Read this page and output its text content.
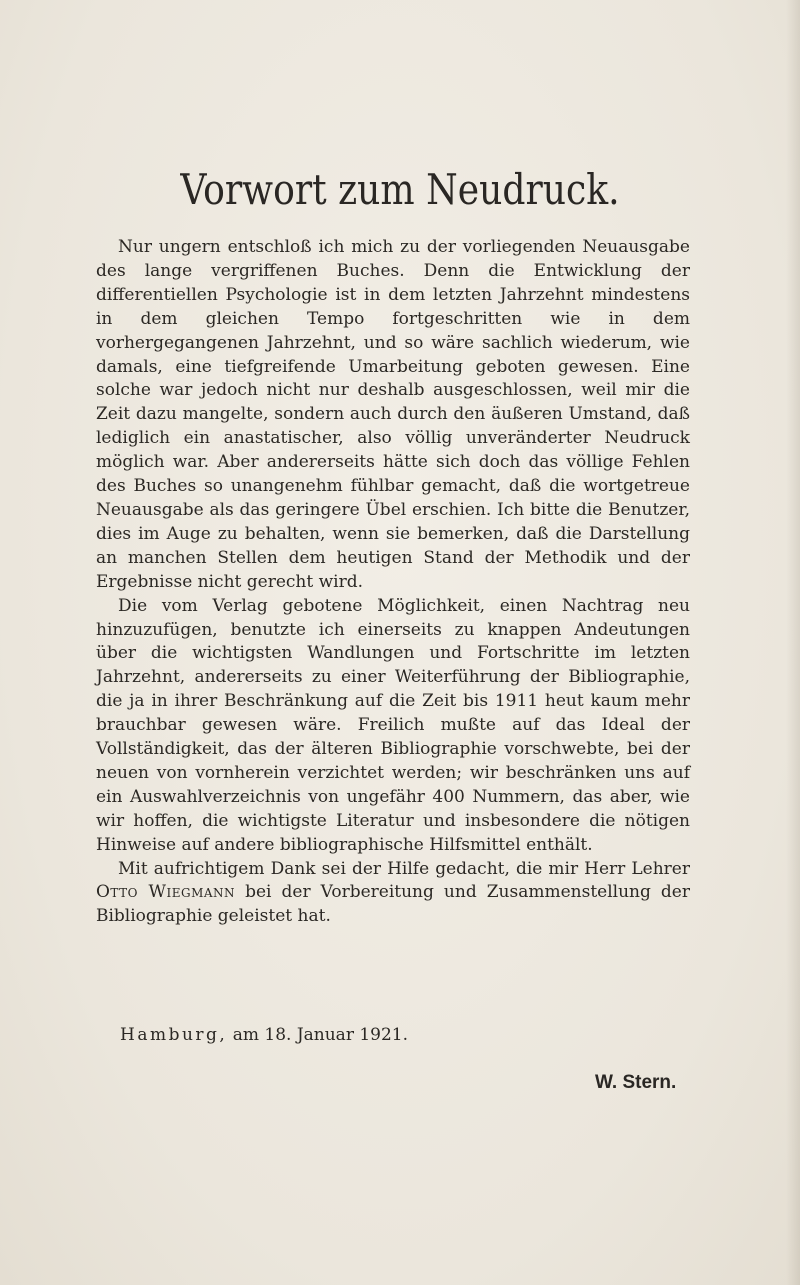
Vorwort zum Neudruck.

Nur ungern entschloß ich mich zu der vorliegenden Neuausgabe des lange vergriffenen Buches. Denn die Entwicklung der differentiellen Psychologie ist in dem letzten Jahrzehnt mindestens in dem gleichen Tempo fortgeschritten wie in dem vorhergegangenen Jahrzehnt, und so wäre sachlich wiederum, wie damals, eine tiefgreifende Umarbeitung geboten gewesen. Eine solche war jedoch nicht nur deshalb ausgeschlossen, weil mir die Zeit dazu mangelte, sondern auch durch den äußeren Umstand, daß lediglich ein anastatischer, also völlig unveränderter Neudruck möglich war. Aber andererseits hätte sich doch das völlige Fehlen des Buches so unangenehm fühlbar gemacht, daß die wortgetreue Neuausgabe als das geringere Übel erschien. Ich bitte die Benutzer, dies im Auge zu behalten, wenn sie bemerken, daß die Darstellung an manchen Stellen dem heutigen Stand der Methodik und der Ergebnisse nicht gerecht wird.

Die vom Verlag gebotene Möglichkeit, einen Nachtrag neu hinzuzufügen, benutzte ich einerseits zu knappen Andeutungen über die wichtigsten Wandlungen und Fortschritte im letzten Jahrzehnt, andererseits zu einer Weiterführung der Bibliographie, die ja in ihrer Beschränkung auf die Zeit bis 1911 heut kaum mehr brauchbar gewesen wäre. Freilich mußte auf das Ideal der Vollständigkeit, das der älteren Bibliographie vorschwebte, bei der neuen von vornherein verzichtet werden; wir beschränken uns auf ein Auswahlverzeichnis von ungefähr 400 Nummern, das aber, wie wir hoffen, die wichtigste Literatur und insbesondere die nötigen Hinweise auf andere bibliographische Hilfsmittel enthält.

Mit aufrichtigem Dank sei der Hilfe gedacht, die mir Herr Lehrer Otto Wiegmann bei der Vorbereitung und Zusammenstellung der Bibliographie geleistet hat.

Hamburg, am 18. Januar 1921.
W. Stern.
